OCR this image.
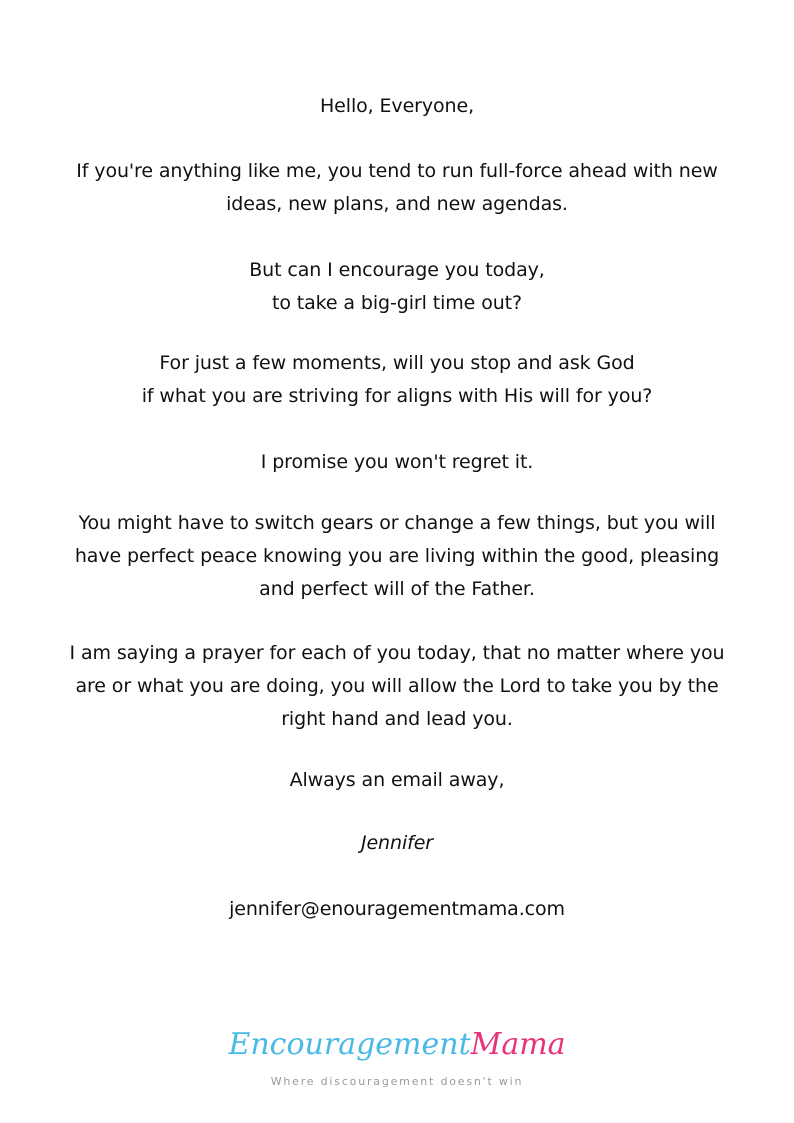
Hello, Everyone,
If you're anything like me, you tend to run full-force ahead with new
ideas, new plans, and new agendas.
But can I encourage you today,
to take a big-girl time out?
For just a few moments, will you stop and ask God
if what you are striving for aligns with His will for you?
I promise you won't regret it.
You might have to switch gears or change a few things, but you will
have perfect peace knowing you are living within the good, pleasing
and perfect will of the Father.
I am saying a prayer for each of you today, that no matter where you
are or what you are doing, you will allow the Lord to take you by the
right hand and lead you.
Always an email away,
Jennifer
jennifer@enouragementmama.com
EncouragementMama
Where discouragement doesn't win
